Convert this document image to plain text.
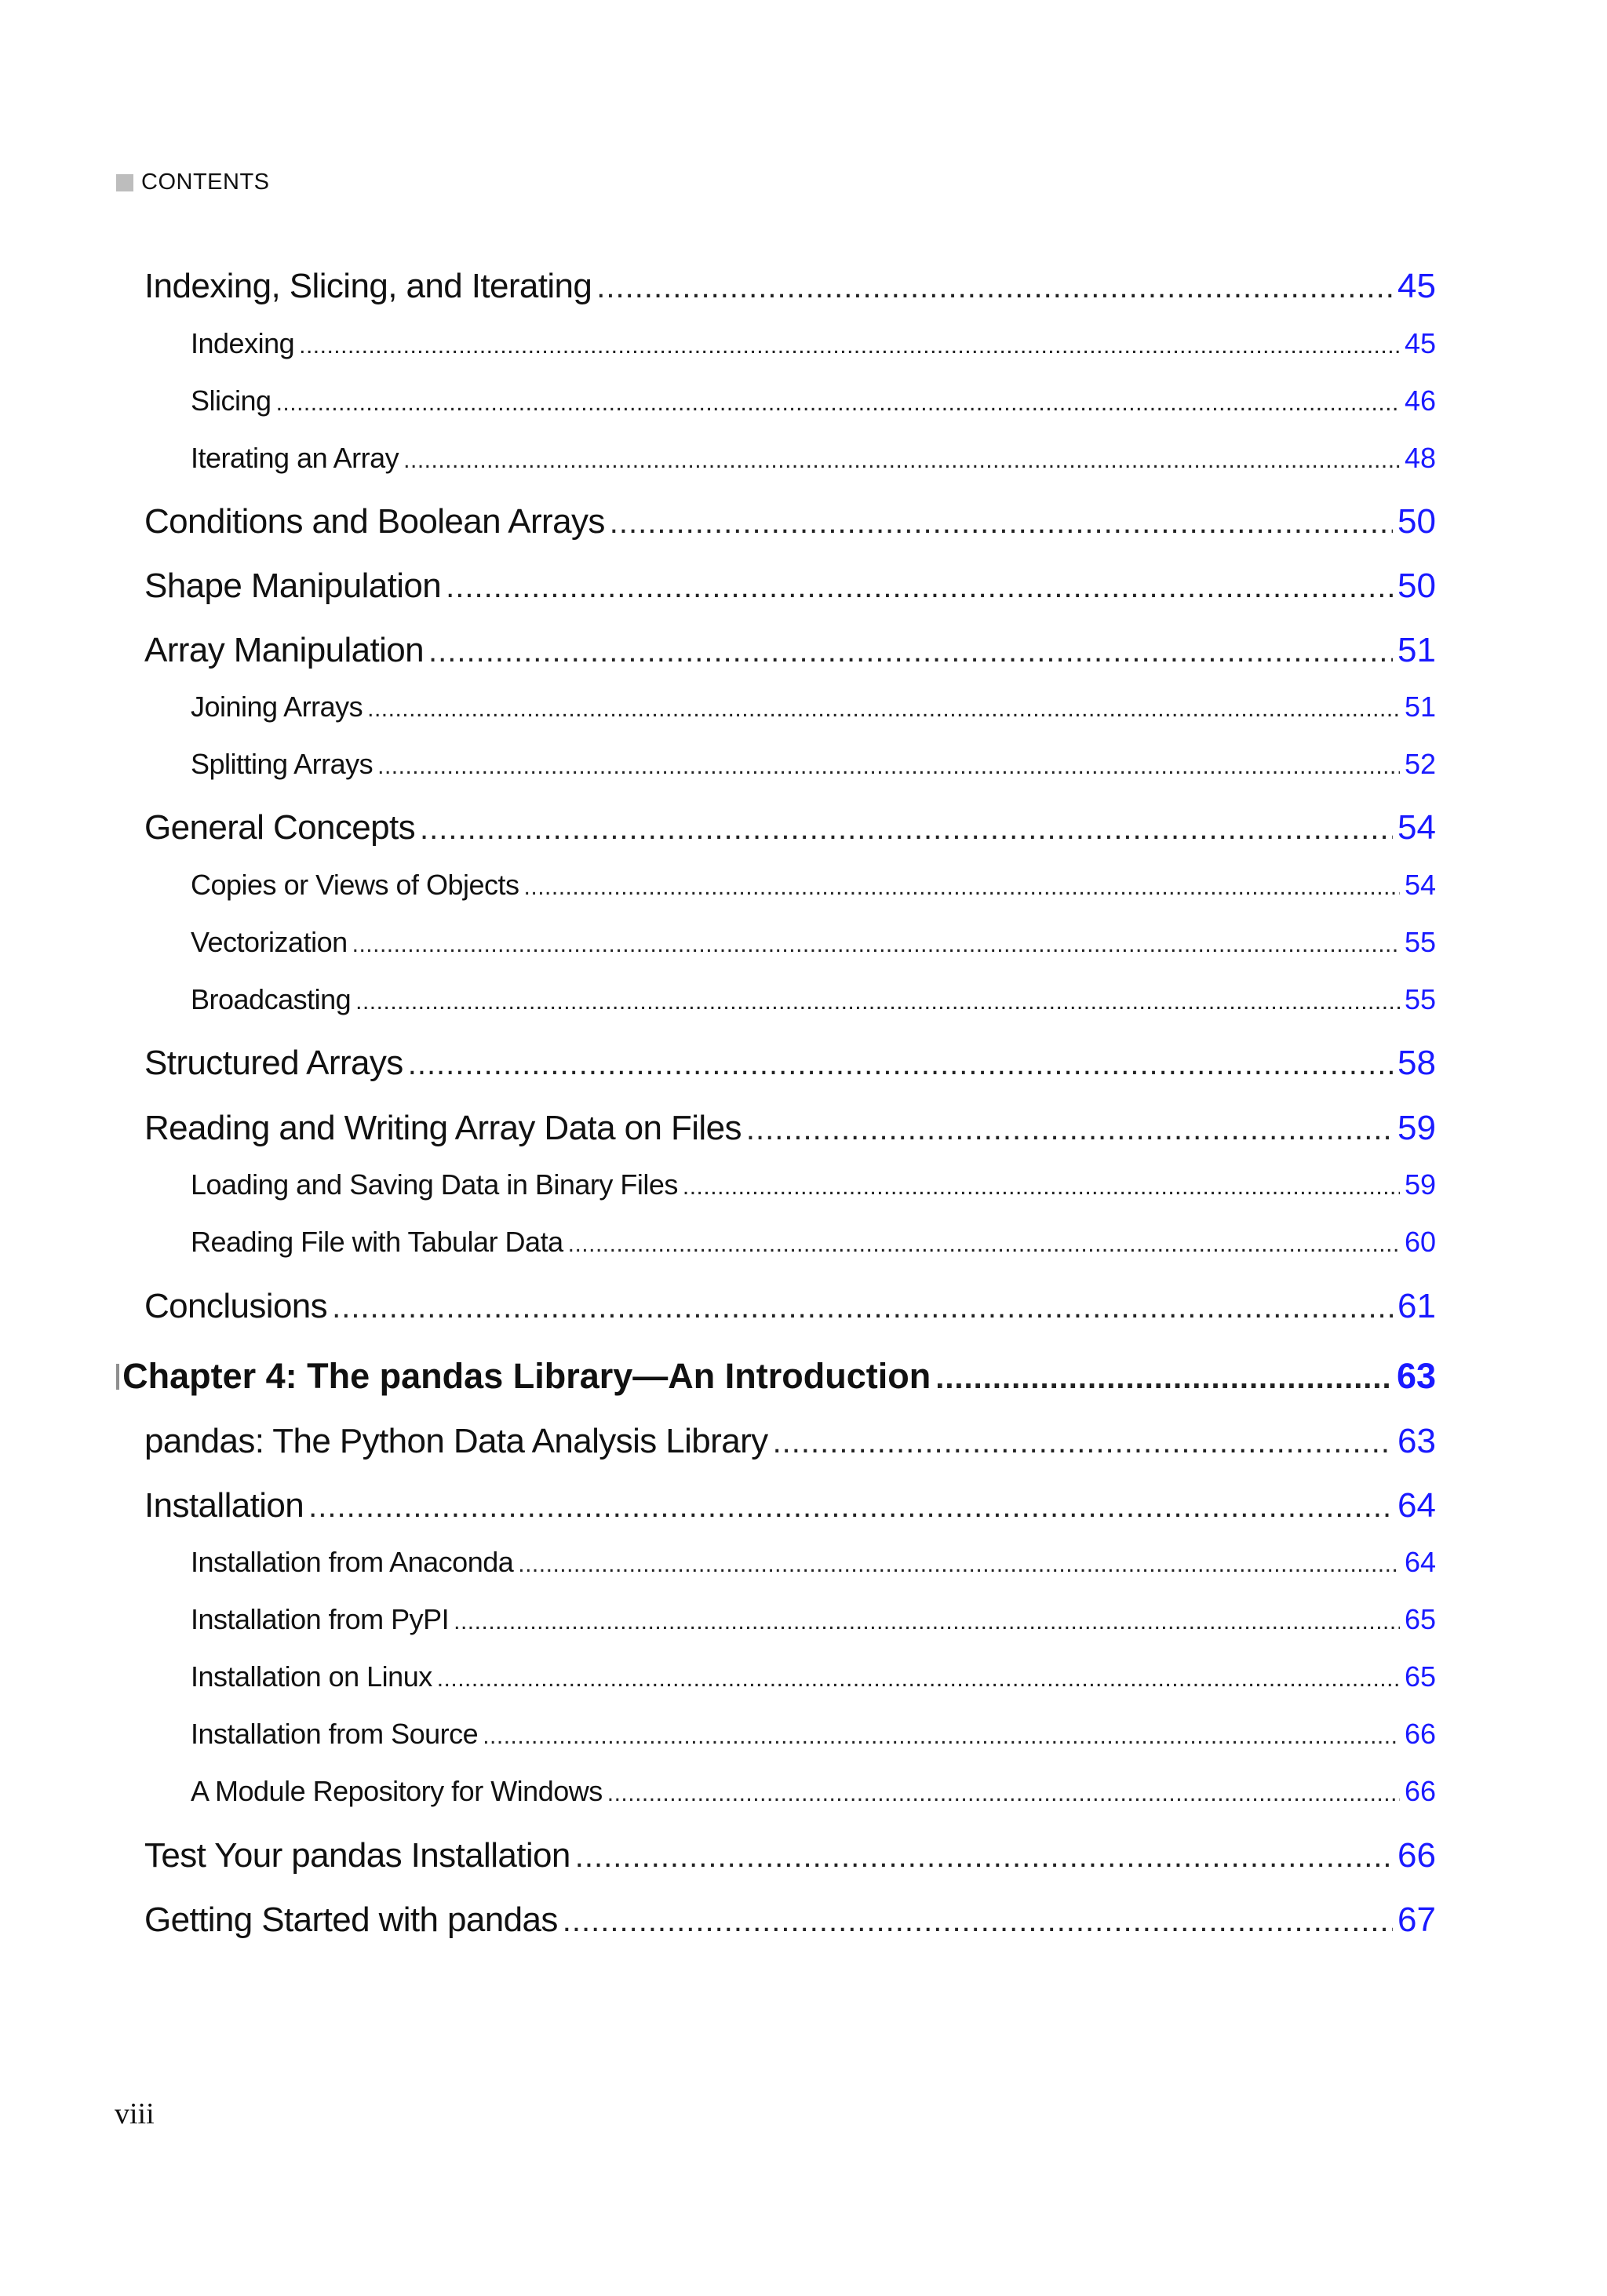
CONTENTS
Indexing, Slicing, and Iterating .....	45
Indexing .....	45
Slicing .....	46
Iterating an Array .....	48
Conditions and Boolean Arrays .....	50
Shape Manipulation .....	50
Array Manipulation .....	51
Joining Arrays .....	51
Splitting Arrays .....	52
General Concepts .....	54
Copies or Views of Objects .....	54
Vectorization .....	55
Broadcasting .....	55
Structured Arrays .....	58
Reading and Writing Array Data on Files .....	59
Loading and Saving Data in Binary Files .....	59
Reading File with Tabular Data .....	60
Conclusions .....	61
Chapter 4: The pandas Library—An Introduction .....	63
pandas: The Python Data Analysis Library .....	63
Installation .....	64
Installation from Anaconda .....	64
Installation from PyPI .....	65
Installation on Linux .....	65
Installation from Source .....	66
A Module Repository for Windows .....	66
Test Your pandas Installation .....	66
Getting Started with pandas .....	67
viii
